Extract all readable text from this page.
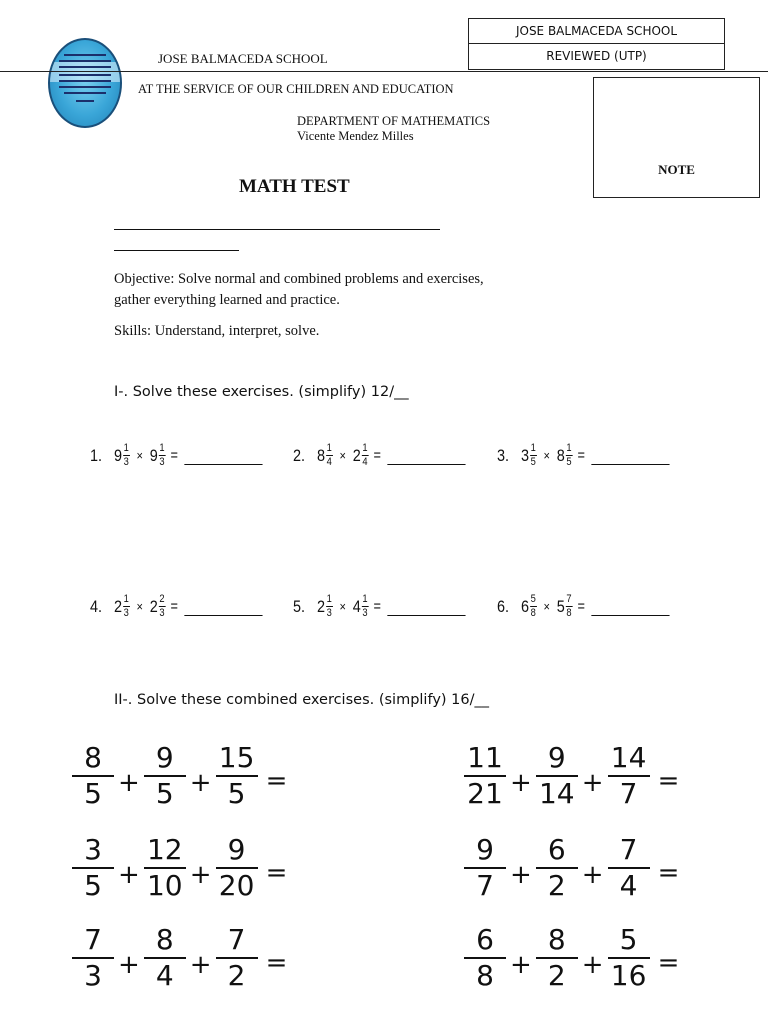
JOSE BALMACEDA SCHOOL
JOSE BALMACEDA SCHOOL
REVIEWED (UTP)
AT THE SERVICE OF OUR CHILDREN AND EDUCATION
DEPARTMENT OF MATHEMATICS
Vicente Mendez Milles
NOTE
MATH TEST
Objective: Solve normal and combined problems and exercises,
gather everything learned and practice.
Skills: Understand, interpret, solve.
I-. Solve these exercises. (simplify) 12/__
1. 9 1
3 × 9 1
3 =	2. 8 1
4 × 2 1
4 =	3. 3 1
5 × 8 1
5 =
4. 2 1
3 × 2 2
3 =	5. 2 1
3 × 4 1
3 =	6. 6 5
8 × 5 7
8 =
II-. Solve these combined exercises. (simplify) 16/__
$\frac{8}{5} + \frac{9}{5} + \frac{15}{5}$ =	$\frac{11}{21} + \frac{9}{14} + \frac{14}{7}$ =
$\frac{3}{5} + \frac{12}{10} + \frac{9}{20}$ =	$\frac{9}{7} + \frac{6}{2} + \frac{7}{4}$ =
$\frac{7}{3} + \frac{8}{4} + \frac{7}{2}$ =	$\frac{6}{8} + \frac{8}{2} + \frac{5}{16}$ =
